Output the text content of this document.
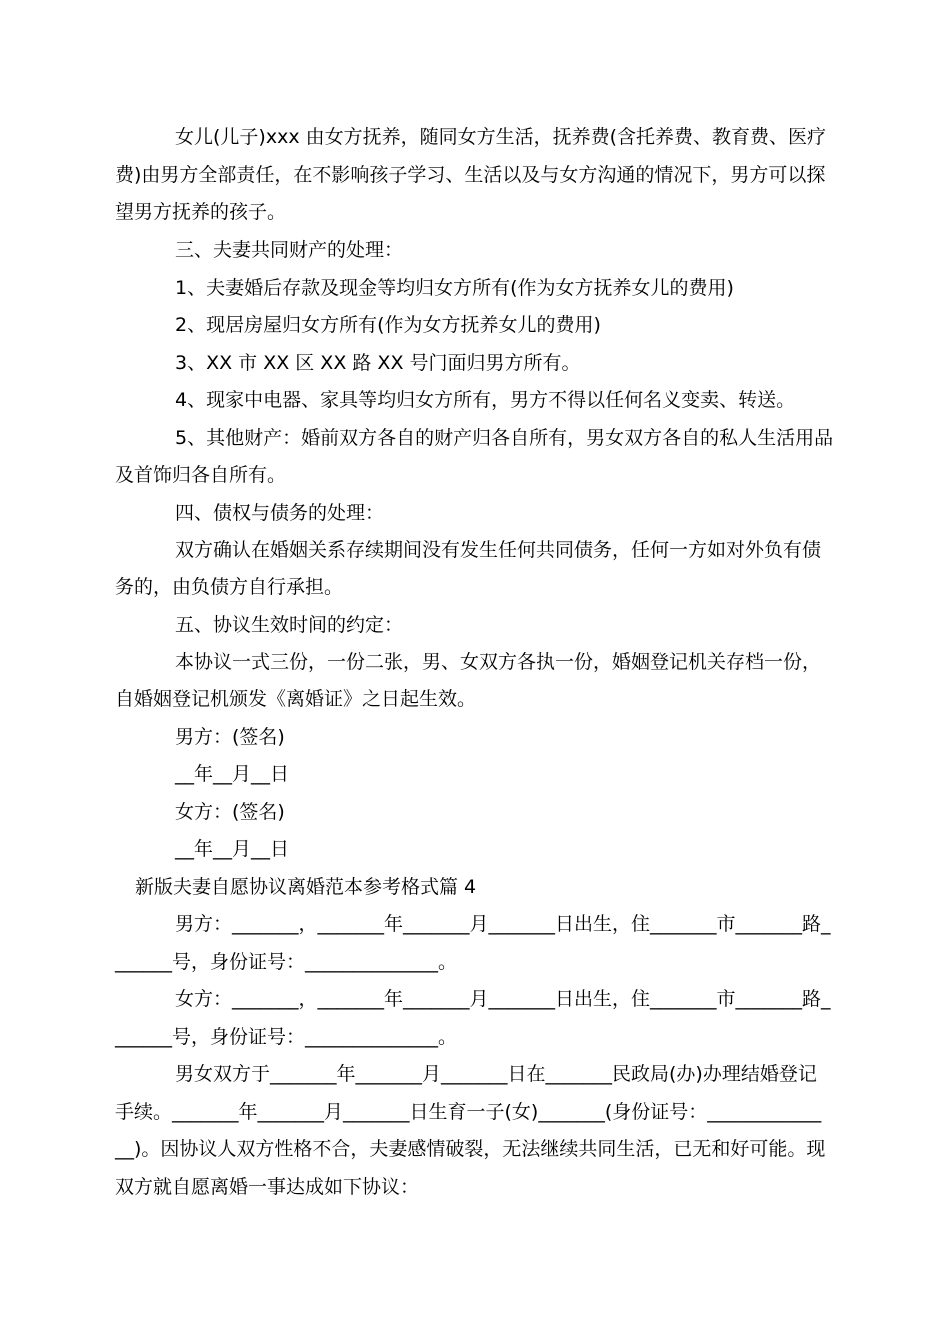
女儿(儿子)xxx 由女方抚养，随同女方生活，抚养费(含托养费、教育费、医疗
费)由男方全部责任，在不影响孩子学习、生活以及与女方沟通的情况下，男方可以探
望男方抚养的孩子。
三、夫妻共同财产的处理：
1、夫妻婚后存款及现金等均归女方所有(作为女方抚养女儿的费用)
2、现居房屋归女方所有(作为女方抚养女儿的费用)
3、XX 市 XX 区 XX 路 XX 号门面归男方所有。
4、现家中电器、家具等均归女方所有，男方不得以任何名义变卖、转送。
5、其他财产：婚前双方各自的财产归各自所有，男女双方各自的私人生活用品
及首饰归各自所有。
四、债权与债务的处理：
双方确认在婚姻关系存续期间没有发生任何共同债务，任何一方如对外负有债
务的，由负债方自行承担。
五、协议生效时间的约定：
本协议一式三份，一份二张，男、女双方各执一份，婚姻登记机关存档一份，
自婚姻登记机颁发《离婚证》之日起生效。
男方：(签名)
__年__月__日
女方：(签名)
__年__月__日
新版夫妻自愿协议离婚范本参考格式篇 4
男方：_______，_______年_______月_______日出生，住_______市_______路_
______号，身份证号：______________。
女方：_______，_______年_______月_______日出生，住_______市_______路_
______号，身份证号：______________。
男女双方于_______年_______月_______日在_______民政局(办)办理结婚登记
手续。_______年_______月_______日生育一子(女)_______(身份证号：____________
__)。因协议人双方性格不合，夫妻感情破裂，无法继续共同生活，已无和好可能。现
双方就自愿离婚一事达成如下协议：
